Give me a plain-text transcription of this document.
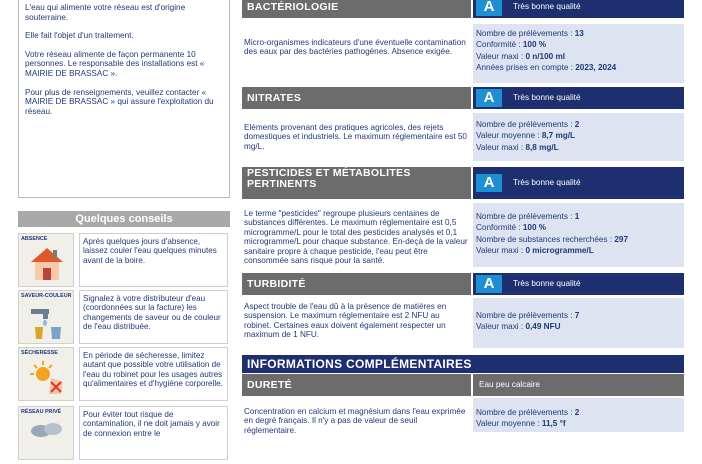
L'eau qui alimente votre réseau est d'origine souterraine.

Elle fait l'objet d'un traitement.

Votre réseau alimente de façon permanente 10 personnes. Le responsable des installations est « MAIRIE DE BRASSAC ».

Pour plus de renseignements, veuillez contacter « MAIRIE DE BRASSAC » qui assure l'exploitation du réseau.

Quelques conseils
ABSENCE	Après quelques jours d'absence, laissez couler l'eau quelques minutes avant de la boire.
SAVEUR-COULEUR	Signalez à votre distributeur d'eau (coordonnées sur la facture) les changements de saveur ou de couleur de l'eau distribuée.
SÉCHERESSE	En période de sécheresse, limitez autant que possible votre utilisation de l'eau du robinet pour les usages autres qu'alimentaires et d'hygiène corporelle.
RÉSEAU PRIVÉ	Pour éviter tout risque de contamination, il ne doit jamais y avoir de connexion entre le
BACTÉRIOLOGIE	A	Très bonne qualité
Micro-organismes indicateurs d'une éventuelle contamination des eaux par des bactéries pathogènes. Absence exigée.
Nombre de prélèvements : 13
Conformité : 100 %
Valeur maxi : 0 n/100 ml
Années prises en compte : 2023, 2024
NITRATES	A	Très bonne qualité
Eléments provenant des pratiques agricoles, des rejets domestiques et industriels. Le maximum réglementaire est 50 mg/L.
Nombre de prélèvements : 2
Valeur moyenne : 8,7 mg/L
Valeur maxi : 8,8 mg/L
PESTICIDES ET MÉTABOLITES
PERTINENTS	A	Très bonne qualité
Le terme "pesticides" regroupe plusieurs centaines de substances différentes. Le maximum réglementaire est 0,5 microgramme/L pour le total des pesticides analysés et 0,1 microgramme/L pour chaque substance. En-deçà de la valeur sanitaire propre à chaque pesticide, l'eau peut être consommée sans risque pour la santé.
Nombre de prélèvements : 1
Conformité : 100 %
Nombre de substances recherchées : 297
Valeur maxi : 0 microgramme/L
TURBIDITÉ	A	Très bonne qualité
Aspect trouble de l'eau dû à la présence de matières en suspension. Le maximum réglementaire est 2 NFU au robinet. Certaines eaux doivent également respecter un maximum de 1 NFU.
Nombre de prélèvements : 7
Valeur maxi : 0,49 NFU
INFORMATIONS COMPLÉMENTAIRES
DURETÉ	Eau peu calcaire
Concentration en calcium et magnésium dans l'eau exprimée en degré français. Il n'y a pas de valeur de seuil réglementaire.
Nombre de prélèvements : 2
Valeur moyenne : 11,5 °f
